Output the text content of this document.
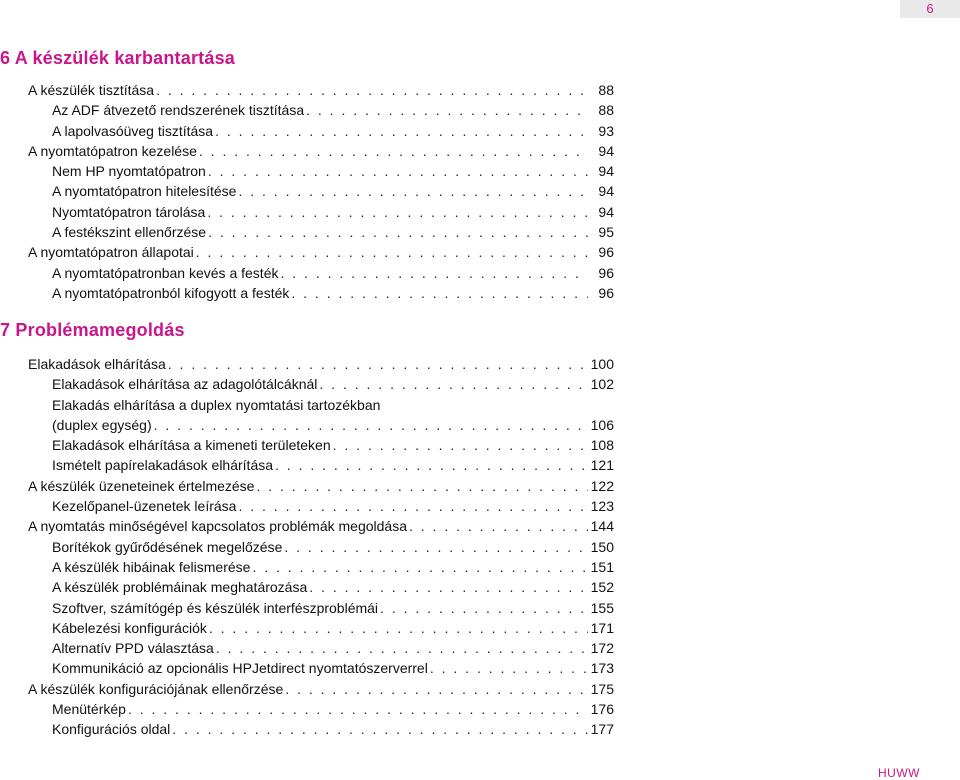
6
6 A készülék karbantartása
A készülék tisztítása . . .	88
Az ADF átvezető rendszerének tisztítása . . .	88
A lapolvasóüveg tisztítása . . .	93
A nyomtatópatron kezelése . . .	94
Nem HP nyomtatópatron . . .	94
A nyomtatópatron hitelesítése . . .	94
Nyomtatópatron tárolása . . .	94
A festékszint ellenőrzése . . .	95
A nyomtatópatron állapotai . . .	96
A nyomtatópatronban kevés a festék . . .	96
A nyomtatópatronból kifogyott a festék . . .	96
7 Problémamegoldás
Elakadások elhárítása . . .	100
Elakadások elhárítása az adagolótálcáknál . . .	102
Elakadás elhárítása a duplex nyomtatási tartozékban
(duplex egység) . . .	106
Elakadások elhárítása a kimeneti területeken . . .	108
Ismételt papírelakadások elhárítása . . .	121
A készülék üzeneteinek értelmezése . . .	122
Kezelőpanel-üzenetek leírása . . .	123
A nyomtatás minőségével kapcsolatos problémák megoldása . . .	144
Borítékok gyűrődésének megelőzése . . .	150
A készülék hibáinak felismerése . . .	151
A készülék problémáinak meghatározása . . .	152
Szoftver, számítógép és készülék interfészproblémái . . .	155
Kábelezési konfigurációk . . .	171
Alternatív PPD választása . . .	172
Kommunikáció az opcionális HPJetdirect nyomtatószerverrel . . .	173
A készülék konfigurációjának ellenőrzése . . .	175
Menütérkép . . .	176
Konfigurációs oldal . . .	177
HUWW
